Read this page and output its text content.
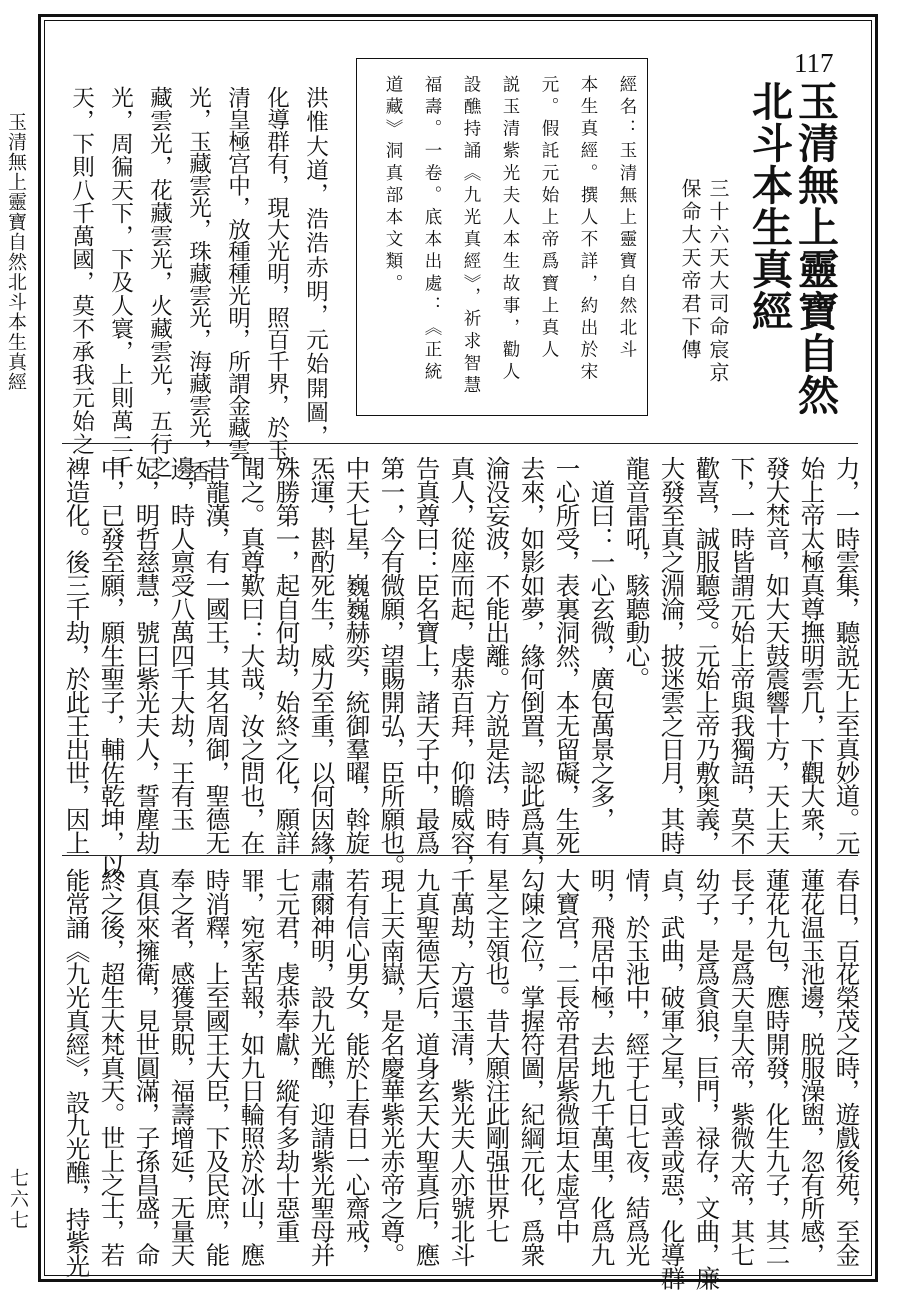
玉清無上靈寶自然北斗本生真經
七六七
117
玉清無上靈寶自然
北斗本生真經
三十六天大司命宸京
保命大天帝君下傳
經名：玉清無上靈寶自然北斗
本生真經。撰人不詳，約出於宋
元。假託元始上帝爲寶上真人
説玉清紫光夫人本生故事，勸人
設醮持誦《九光真經》，祈求智慧
福壽。一卷。底本出處：《正統
道藏》洞真部本文類。
洪惟大道，浩浩赤明，元始開圖，
化導群有，現大光明，照百千界，於玉
清皇極宫中，放種種光明，所謂金藏雲
光，玉藏雲光，珠藏雲光，海藏雲光，香
藏雲光，花藏雲光，火藏雲光，五行之
光，周徧天下，下及人寰，上則萬二千
天，下則八千萬國，莫不承我元始之
力，一時雲集，聽説无上至真妙道。元
始上帝太極真尊撫明雲几，下觀大衆，
發大梵音，如大天鼓震響十方，天上天
下，一時皆謂元始上帝與我獨語，莫不
歡喜，誠服聽受。元始上帝乃敷奥義，
大發至真之淵淪，披迷雲之日月，其時
龍音雷吼，駭聽動心。
　道曰：一心玄微，廣包萬景之多，
一心所受，表裏洞然，本无留礙，生死
去來，如影如夢，緣何倒置，認此爲真，
淪没妄波，不能出離。方説是法，時有
真人，從座而起，虔恭百拜，仰瞻威容，
告真尊曰：臣名寶上，諸天子中，最爲
第一，今有微願，望賜開弘，臣所願也。
中天七星，巍巍赫奕，統御羣曜，斡旋
炁運，斟酌死生，威力至重，以何因緣，
殊勝第一，起自何劫，始終之化，願詳
聞之。真尊歎曰：大哉，汝之問也，在
昔龍漢，有一國王，其名周御，聖德无
邊，時人禀受八萬四千大劫，王有玉
妃，明哲慈慧，號曰紫光夫人，誓塵劫
中，已發至願，願生聖子，輔佐乾坤，以
裨造化。後三千劫，於此王出世，因上
春日，百花榮茂之時，遊戲後苑，至金
蓮花温玉池邊，脱服澡盥，忽有所感，
蓮花九包，應時開發，化生九子，其二
長子，是爲天皇大帝，紫微大帝，其七
幼子，是爲貪狼，巨門，禄存，文曲，廉
貞，武曲，破軍之星，或善或惡，化導群
情，於玉池中，經于七日七夜，結爲光
明，飛居中極，去地九千萬里，化爲九
大寶宫，二長帝君居紫微垣太虚宫中
勾陳之位，掌握符圖，紀綱元化，爲衆
星之主領也。昔大願注此剛强世界七
千萬劫，方還玉清，紫光夫人亦號北斗
九真聖德天后，道身玄天大聖真后，應
現上天南嶽，是名慶華紫光赤帝之尊。
若有信心男女，能於上春日一心齋戒，
肅爾神明，設九光醮，迎請紫光聖母并
七元君，虔恭奉獻，縱有多劫十惡重
罪，宛家苦報，如九日輪照於冰山，應
時消釋，上至國王大臣，下及民庶，能
奉之者，感獲景貺，福壽增延，无量天
真俱來擁衛，見世圓滿，子孫昌盛，命
終之後，超生大梵真天。世上之士，若
能常誦《九光真經》，設九光醮，持紫光
